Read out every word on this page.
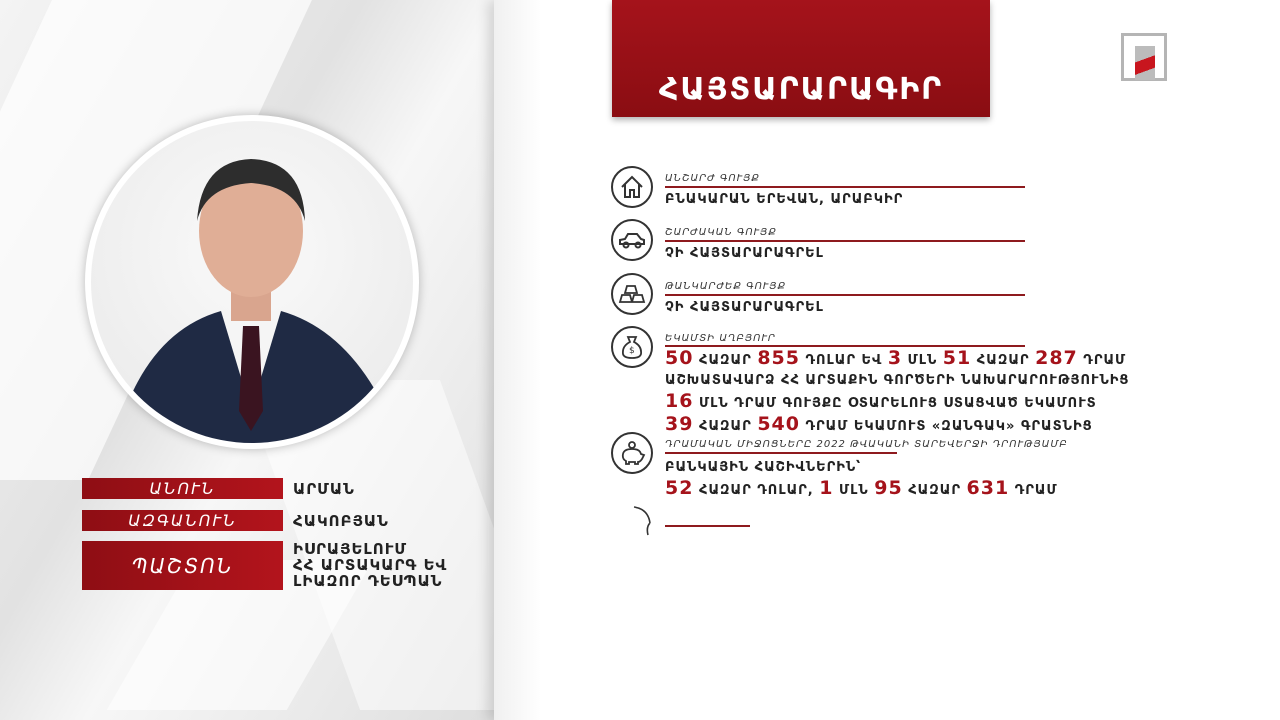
ԱՆՈՒՆ	ԱՐՄԱՆ
ԱԶԳԱՆՈՒՆ	ՀԱԿՈԲՅԱՆ
ՊԱՇՏՈՆ
ԻՍՐԱՅԵԼՈՒՄ
ՀՀ ԱՐՏԱԿԱՐԳ ԵՎ
ԼԻԱԶՈՐ ԴԵՍՊԱՆ
ՀԱՅՏԱՐԱՐԱԳԻՐ
ԱՆՇԱՐԺ ԳՈՒՅՔ
ԲՆԱԿԱՐԱՆ ԵՐԵՎԱՆ, ԱՐԱԲԿԻՐ
ՇԱՐԺԱԿԱՆ ԳՈՒՅՔ
ՉԻ ՀԱՅՏԱՐԱՐԱԳՐԵԼ
ԹԱՆԿԱՐԺԵՔ ԳՈՒՅՔ
ՉԻ ՀԱՅՏԱՐԱՐԱԳՐԵԼ
$
ԵԿԱՄՏԻ ԱՂԲՅՈՒՐ
50 ՀԱԶԱՐ 855 ԴՈԼԱՐ ԵՎ 3 ՄԼՆ 51 ՀԱԶԱՐ 287 ԴՐԱՄ
ԱՇԽԱՏԱՎԱՐՁ ՀՀ ԱՐՏԱՔԻՆ ԳՈՐԾԵՐԻ ՆԱԽԱՐԱՐՈՒԹՅՈՒՆԻՑ
16 ՄԼՆ ԴՐԱՄ ԳՈՒՅՔԸ ՕՏԱՐԵԼՈՒՑ ՍՏԱՑՎԱԾ ԵԿԱՄՈՒՏ
39 ՀԱԶԱՐ 540 ԴՐԱՄ ԵԿԱՄՈՒՏ «ԶԱՆԳԱԿ» ԳՐԱՏՆԻՑ
ԴՐԱՄԱԿԱՆ ՄԻՋՈՑՆԵՐԸ 2022 ԹՎԱԿԱՆԻ ՏԱՐԵՎԵՐՋԻ ԴՐՈՒԹՅԱՄԲ
ԲԱՆԿԱՅԻՆ ՀԱՇԻՎՆԵՐԻՆ՝
52 ՀԱԶԱՐ ԴՈԼԱՐ, 1 ՄԼՆ 95 ՀԱԶԱՐ 631 ԴՐԱՄ
